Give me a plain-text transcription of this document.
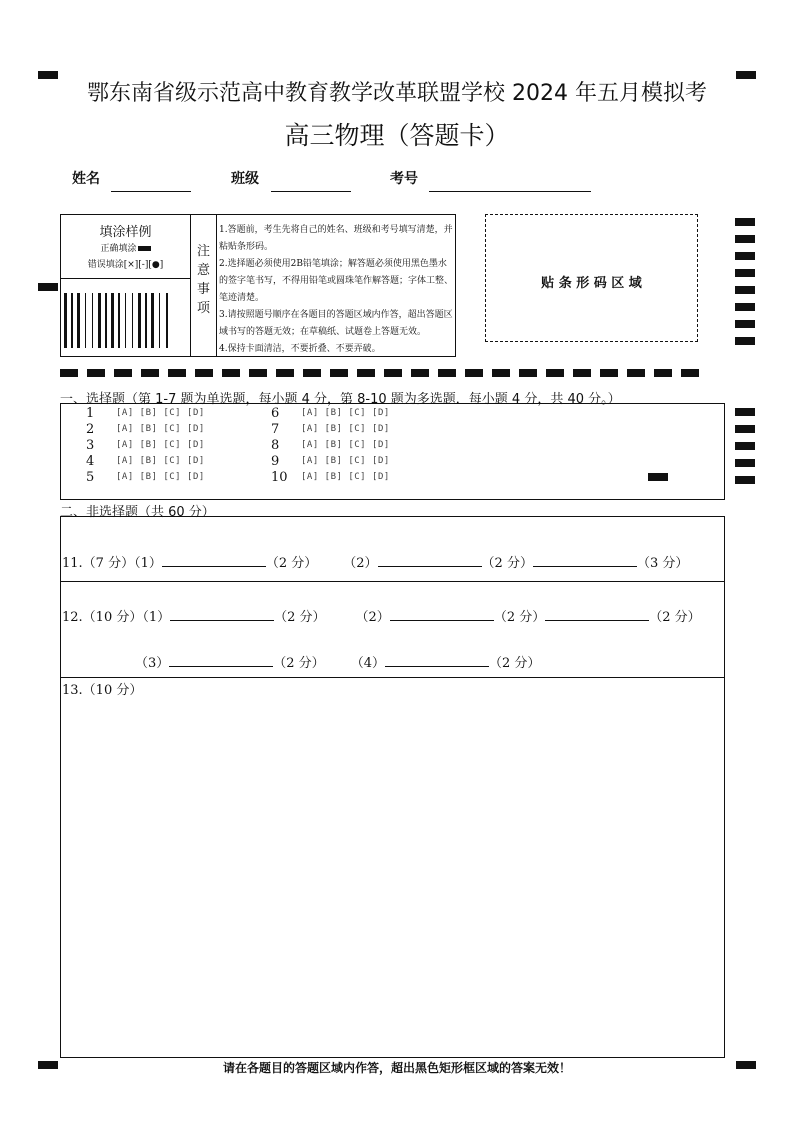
鄂东南省级示范高中教育教学改革联盟学校 2024 年五月模拟考
高三物理（答题卡）
姓名	班级	考号
填涂样例
正确填涂
错误填涂[×][-][●]
注意事项
1.答题前，考生先将自己的姓名、班级和考号填写清楚，并粘贴条形码。
2.选择题必须使用2B铅笔填涂；解答题必须使用黑色墨水的签字笔书写，不得用铅笔或圆珠笔作解答题；字体工整、笔迹清楚。
3.请按照题号顺序在各题目的答题区域内作答，超出答题区域书写的答题无效；在草稿纸、试题卷上答题无效。
4.保持卡面清洁，不要折叠、不要弄破。
贴 条 形 码 区 域
一、选择题（第 1-7 题为单选题，每小题 4 分，第 8-10 题为多选题．每小题 4 分，共 40 分。）
1 [A] [B] [C] [D]
2 [A] [B] [C] [D]
3 [A] [B] [C] [D]
4 [A] [B] [C] [D]
5 [A] [B] [C] [D]
6 [A] [B] [C] [D]
7 [A] [B] [C] [D]
8 [A] [B] [C] [D]
9 [A] [B] [C] [D]
10 [A] [B] [C] [D]
二、非选择题（共 60 分）
11.（7 分）（1）	（2 分） （2）	（2 分）	（3 分）
12.（10 分）（1）	（2 分） （2）	（2 分）	（2 分）
（3）	（2 分） （4）	（2 分）
13.（10 分）
请在各题目的答题区域内作答，超出黑色矩形框区域的答案无效！
